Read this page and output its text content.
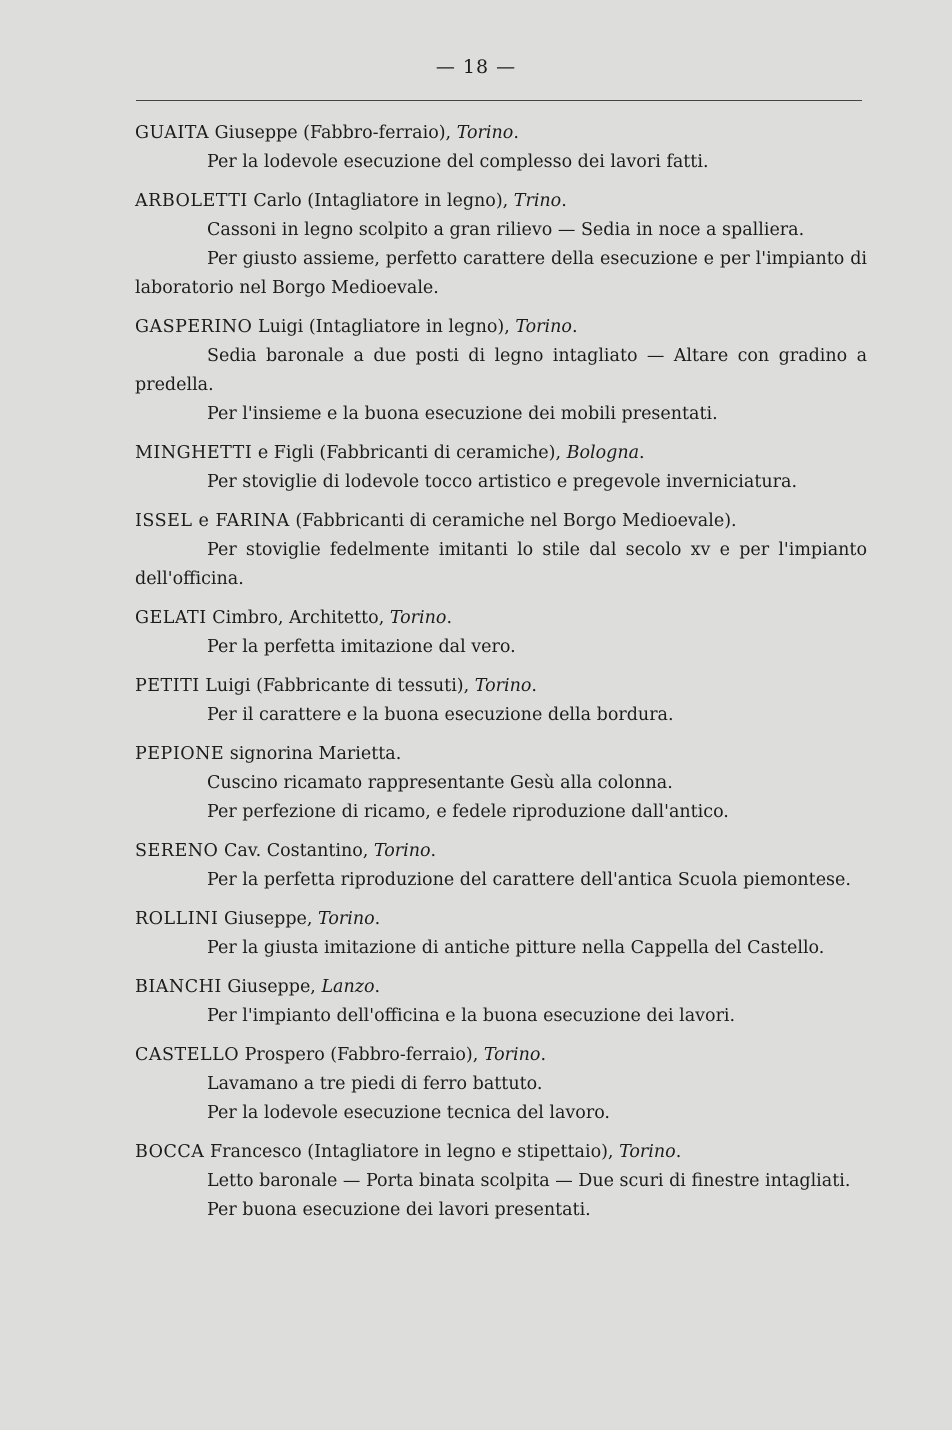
— 18 —
GUAITA Giuseppe (Fabbro-ferraio), Torino.
Per la lodevole esecuzione del complesso dei lavori fatti.
ARBOLETTI Carlo (Intagliatore in legno), Trino.
Cassoni in legno scolpito a gran rilievo — Sedia in noce a spalliera.
Per giusto assieme, perfetto carattere della esecuzione e per l'impianto di laboratorio nel Borgo Medioevale.
GASPERINO Luigi (Intagliatore in legno), Torino.
Sedia baronale a due posti di legno intagliato — Altare con gradino a predella.
Per l'insieme e la buona esecuzione dei mobili presentati.
MINGHETTI e Figli (Fabbricanti di ceramiche), Bologna.
Per stoviglie di lodevole tocco artistico e pregevole inverniciatura.
ISSEL e FARINA (Fabbricanti di ceramiche nel Borgo Medioevale).
Per stoviglie fedelmente imitanti lo stile dal secolo xv e per l'impianto dell'officina.
GELATI Cimbro, Architetto, Torino.
Per la perfetta imitazione dal vero.
PETITI Luigi (Fabbricante di tessuti), Torino.
Per il carattere e la buona esecuzione della bordura.
PEPIONE signorina Marietta.
Cuscino ricamato rappresentante Gesù alla colonna.
Per perfezione di ricamo, e fedele riproduzione dall'antico.
SERENO Cav. Costantino, Torino.
Per la perfetta riproduzione del carattere dell'antica Scuola piemontese.
ROLLINI Giuseppe, Torino.
Per la giusta imitazione di antiche pitture nella Cappella del Castello.
BIANCHI Giuseppe, Lanzo.
Per l'impianto dell'officina e la buona esecuzione dei lavori.
CASTELLO Prospero (Fabbro-ferraio), Torino.
Lavamano a tre piedi di ferro battuto.
Per la lodevole esecuzione tecnica del lavoro.
BOCCA Francesco (Intagliatore in legno e stipettaio), Torino.
Letto baronale — Porta binata scolpita — Due scuri di finestre intagliati.
Per buona esecuzione dei lavori presentati.
